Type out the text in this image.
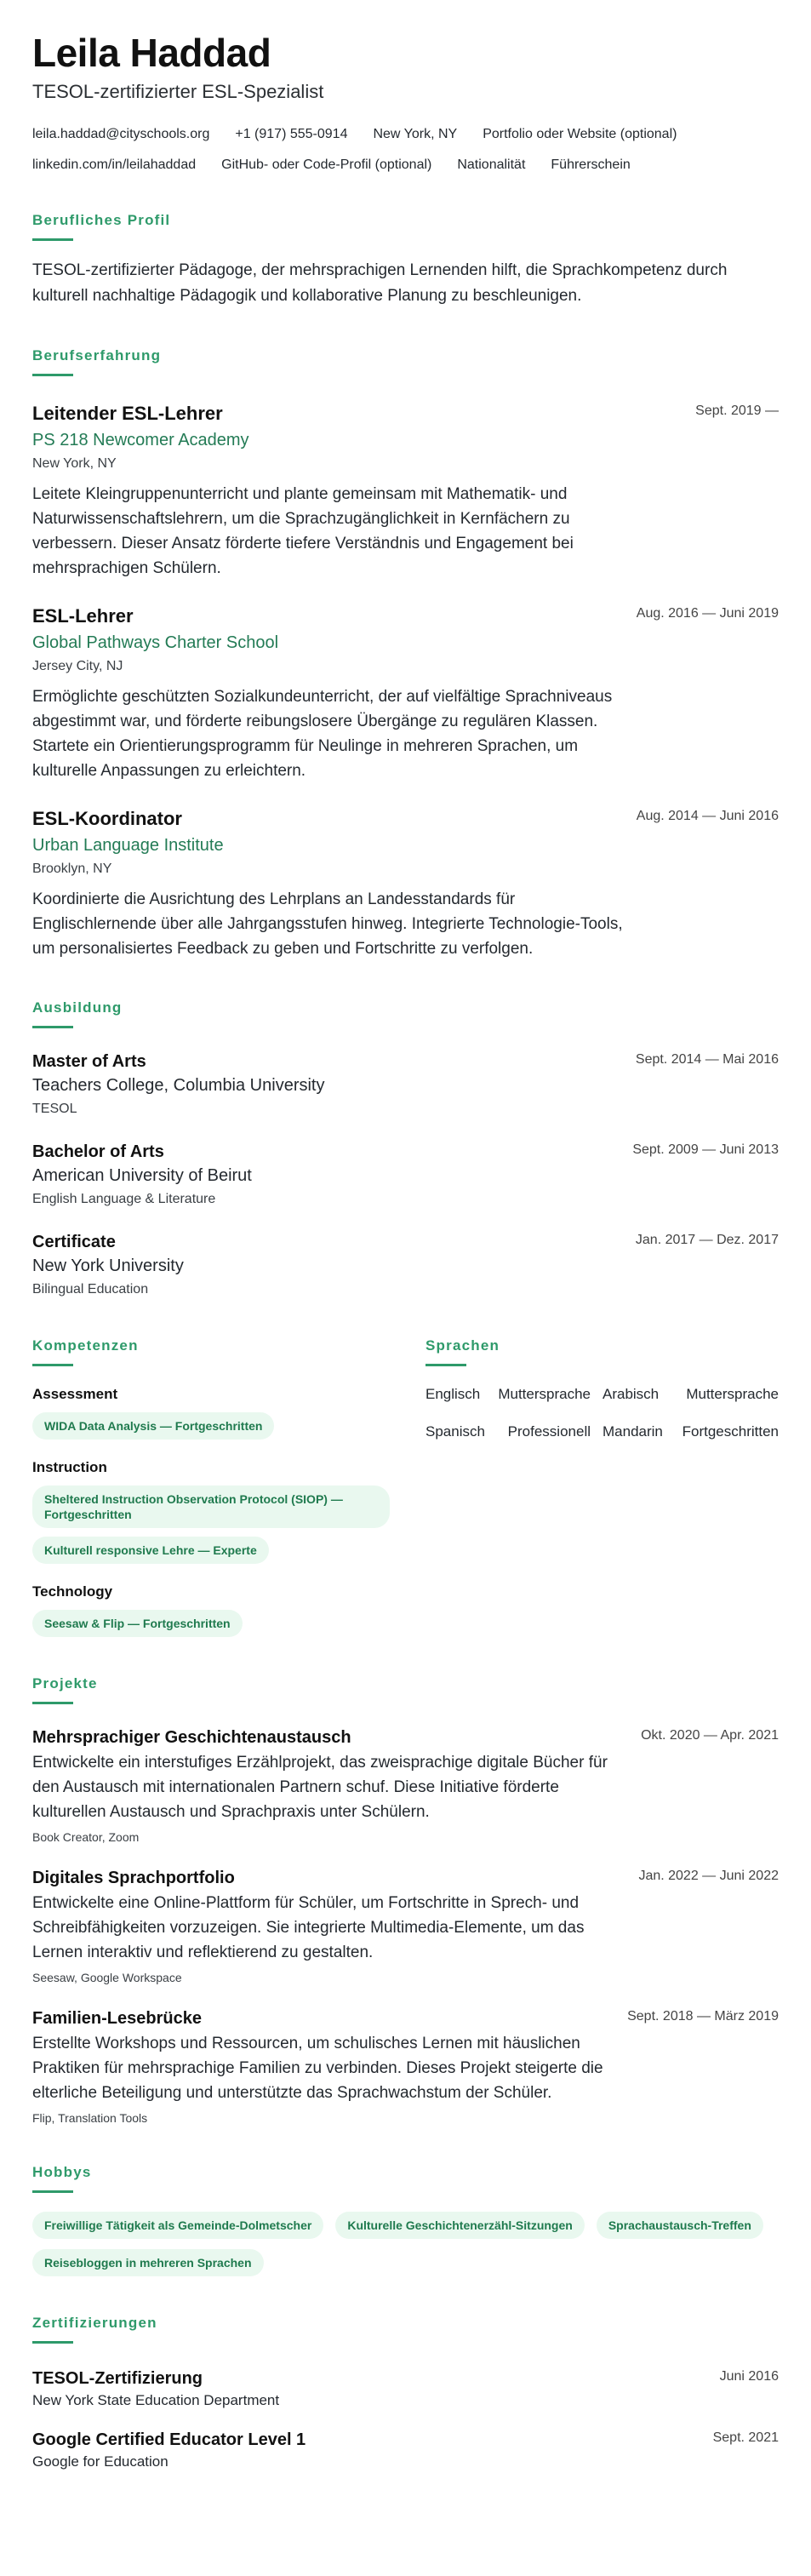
Leila Haddad
TESOL-zertifizierter ESL-Spezialist
leila.haddad@cityschools.org +1 (917) 555-0914 New York, NY Portfolio oder Website (optional)
linkedin.com/in/leilahaddad GitHub- oder Code-Profil (optional) Nationalität Führerschein
Berufliches Profil
TESOL-zertifizierter Pädagoge, der mehrsprachigen Lernenden hilft, die Sprachkompetenz durch kulturell nachhaltige Pädagogik und kollaborative Planung zu beschleunigen.
Berufserfahrung
Leitender ESL-Lehrer	Sept. 2019 —
PS 218 Newcomer Academy
New York, NY
Leitete Kleingruppenunterricht und plante gemeinsam mit Mathematik- und Naturwissenschaftslehrern, um die Sprachzugänglichkeit in Kernfächern zu verbessern. Dieser Ansatz förderte tiefere Verständnis und Engagement bei mehrsprachigen Schülern.
ESL-Lehrer	Aug. 2016 — Juni 2019
Global Pathways Charter School
Jersey City, NJ
Ermöglichte geschützten Sozialkundeunterricht, der auf vielfältige Sprachniveaus abgestimmt war, und förderte reibungslosere Übergänge zu regulären Klassen. Startete ein Orientierungsprogramm für Neulinge in mehreren Sprachen, um kulturelle Anpassungen zu erleichtern.
ESL-Koordinator	Aug. 2014 — Juni 2016
Urban Language Institute
Brooklyn, NY
Koordinierte die Ausrichtung des Lehrplans an Landesstandards für Englischlernende über alle Jahrgangsstufen hinweg. Integrierte Technologie-Tools, um personalisiertes Feedback zu geben und Fortschritte zu verfolgen.
Ausbildung
Master of Arts	Sept. 2014 — Mai 2016
Teachers College, Columbia University
TESOL
Bachelor of Arts	Sept. 2009 — Juni 2013
American University of Beirut
English Language & Literature
Certificate	Jan. 2017 — Dez. 2017
New York University
Bilingual Education
Kompetenzen
Assessment
WIDA Data Analysis — Fortgeschritten
Instruction
Sheltered Instruction Observation Protocol (SIOP) — Fortgeschritten
Kulturell responsive Lehre — Experte
Technology
Seesaw & Flip — Fortgeschritten
Sprachen
Englisch	Muttersprache Arabisch	Muttersprache
Spanisch	Professionell Mandarin	Fortgeschritten
Projekte
Mehrsprachiger Geschichtenaustausch	Okt. 2020 — Apr. 2021
Entwickelte ein interstufiges Erzählprojekt, das zweisprachige digitale Bücher für den Austausch mit internationalen Partnern schuf. Diese Initiative förderte kulturellen Austausch und Sprachpraxis unter Schülern.
Book Creator, Zoom
Digitales Sprachportfolio	Jan. 2022 — Juni 2022
Entwickelte eine Online-Plattform für Schüler, um Fortschritte in Sprech- und Schreibfähigkeiten vorzuzeigen. Sie integrierte Multimedia-Elemente, um das Lernen interaktiv und reflektierend zu gestalten.
Seesaw, Google Workspace
Familien-Lesebrücke	Sept. 2018 — März 2019
Erstellte Workshops und Ressourcen, um schulisches Lernen mit häuslichen Praktiken für mehrsprachige Familien zu verbinden. Dieses Projekt steigerte die elterliche Beteiligung und unterstützte das Sprachwachstum der Schüler.
Flip, Translation Tools
Hobbys
Freiwillige Tätigkeit als Gemeinde-Dolmetscher	Kulturelle Geschichtenerzähl-Sitzungen	Sprachaustausch-Treffen
Reisebloggen in mehreren Sprachen
Zertifizierungen
TESOL-Zertifizierung	Juni 2016
New York State Education Department
Google Certified Educator Level 1	Sept. 2021
Google for Education
